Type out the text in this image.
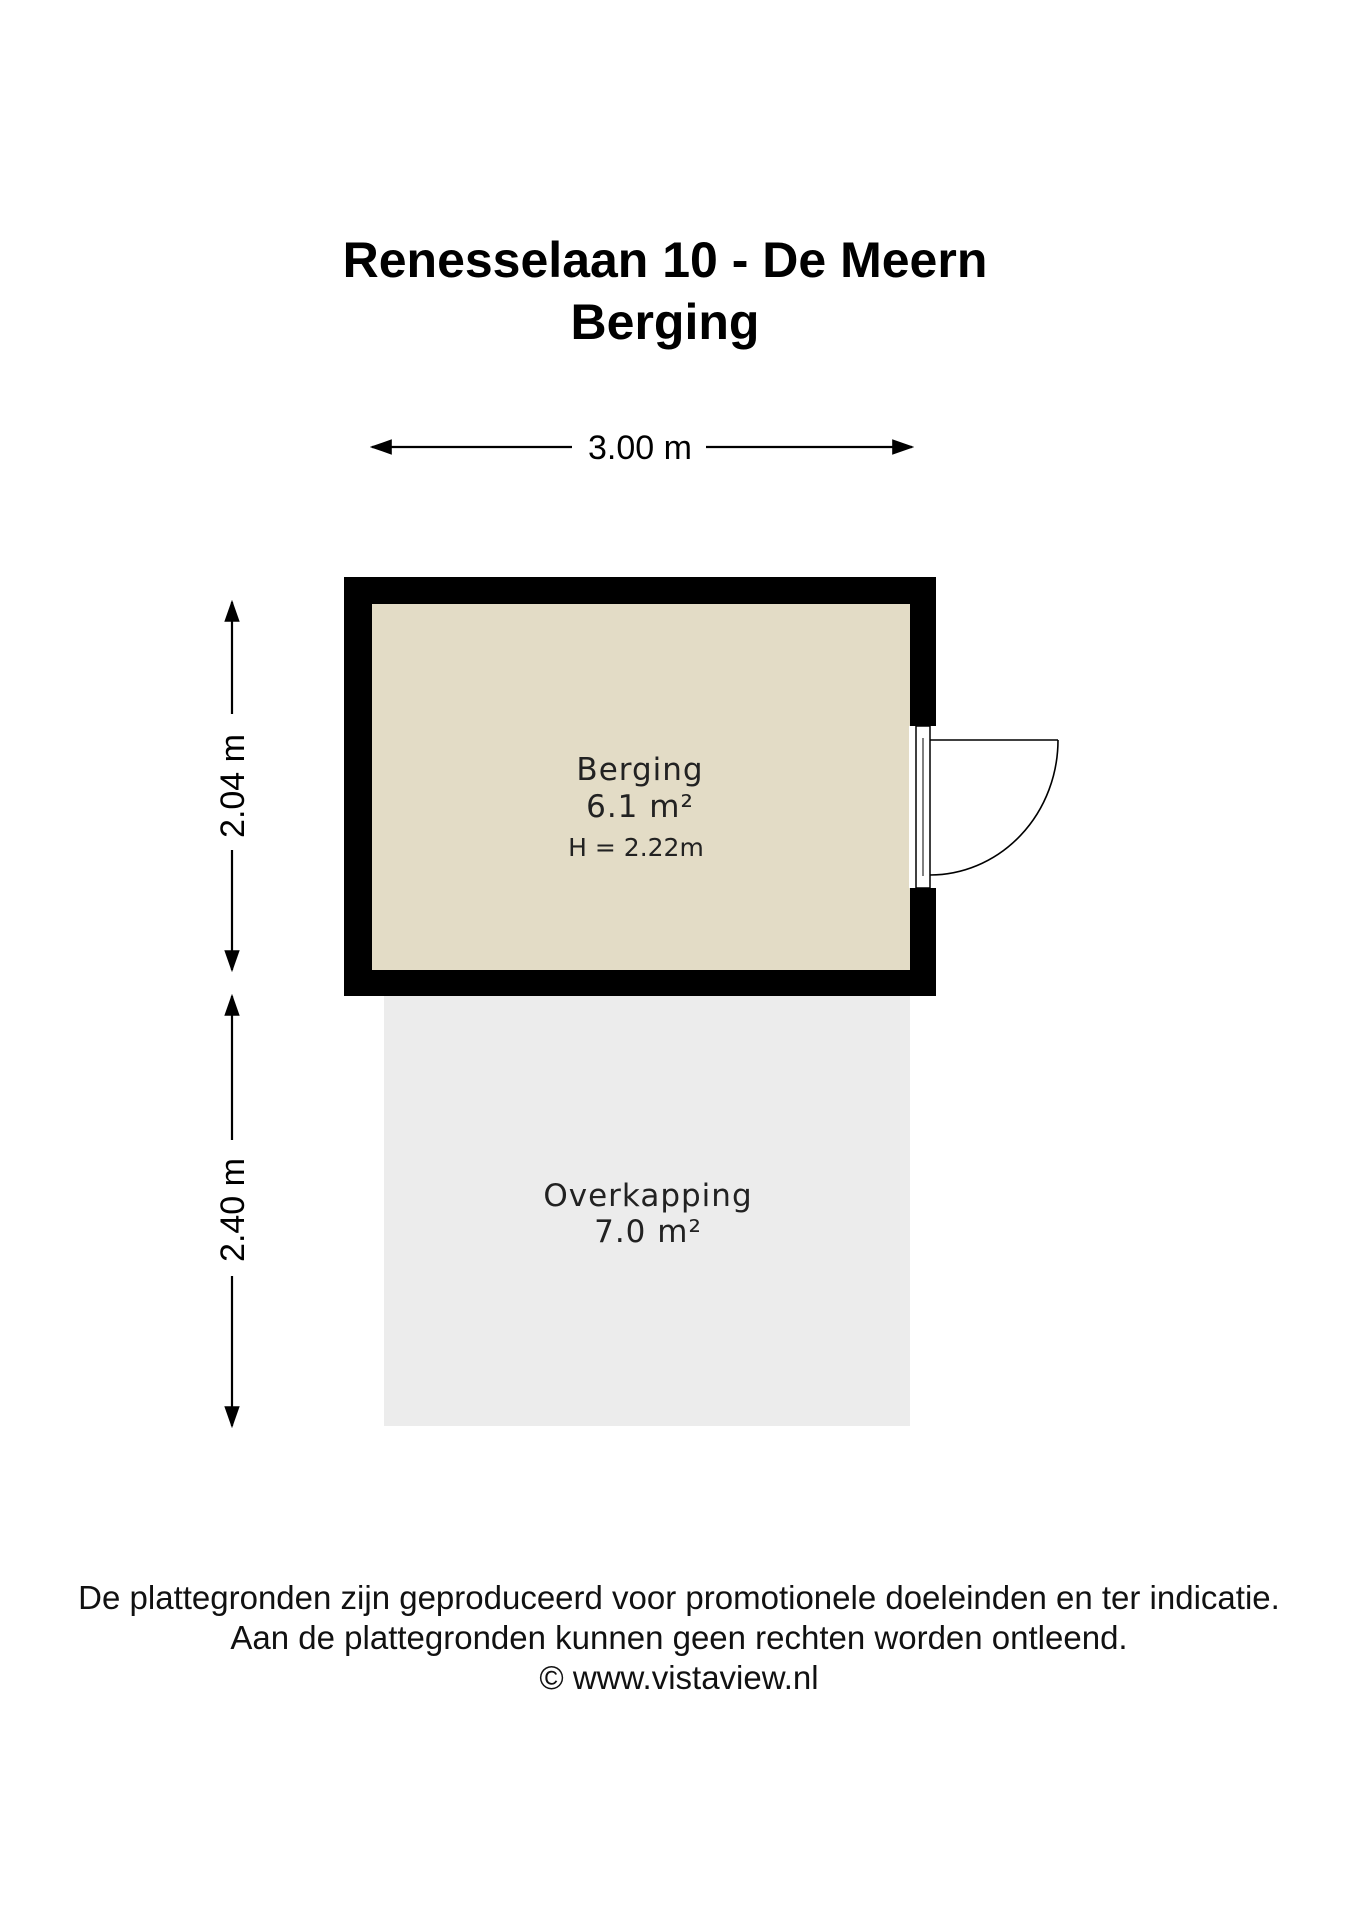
Renesselaan 10 - De Meern
Berging
3.00 m
2.04 m
2.40 m
Berging
6.1 m²
H = 2.22m
Overkapping
7.0 m²
De plattegronden zijn geproduceerd voor promotionele doeleinden en ter indicatie.
Aan de plattegronden kunnen geen rechten worden ontleend.
© www.vistaview.nl
